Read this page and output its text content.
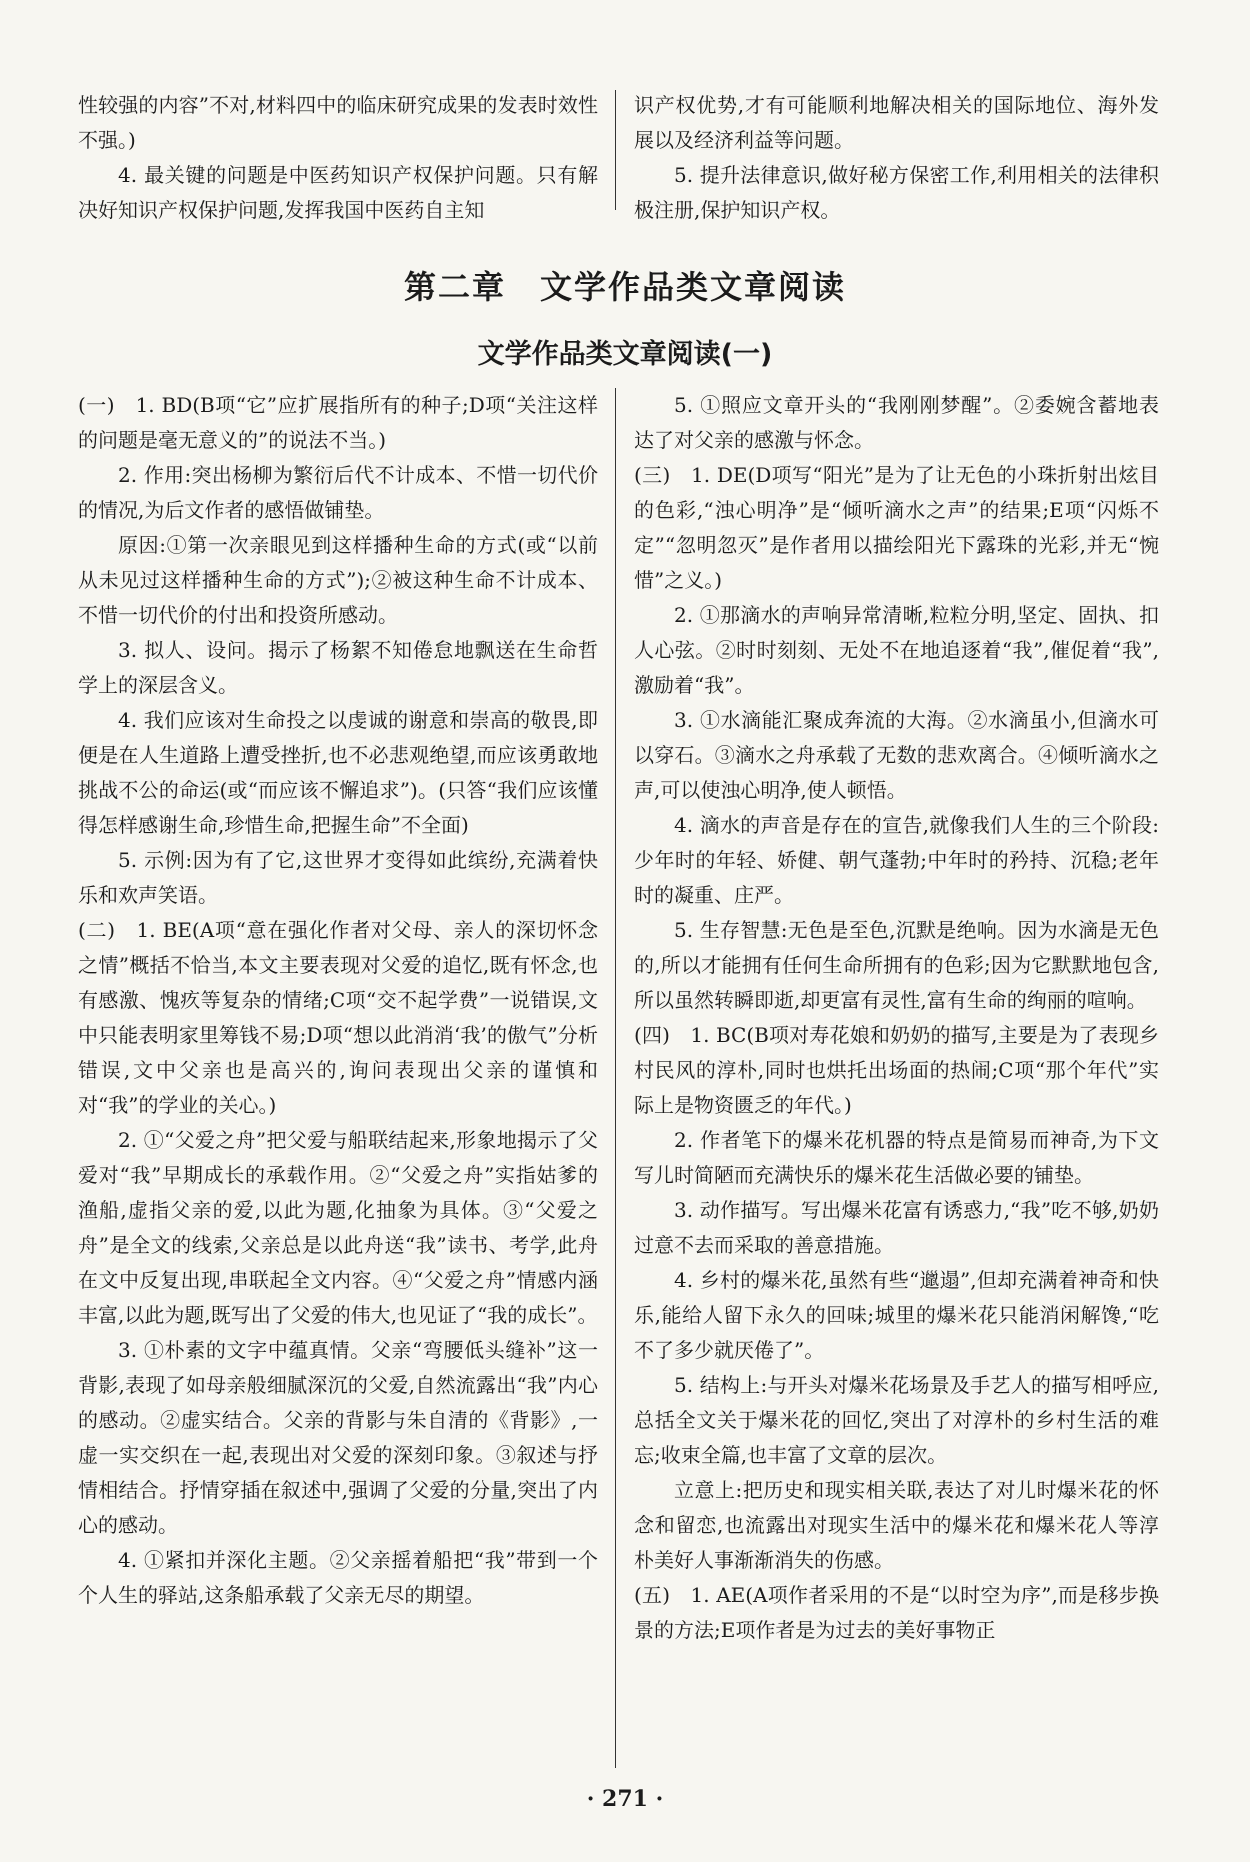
性较强的内容”不对,材料四中的临床研究成果的发表时效性不强。)

4. 最关键的问题是中医药知识产权保护问题。只有解决好知识产权保护问题,发挥我国中医药自主知

识产权优势,才有可能顺利地解决相关的国际地位、海外发展以及经济利益等问题。

5. 提升法律意识,做好秘方保密工作,利用相关的法律积极注册,保护知识产权。

第二章　文学作品类文章阅读
文学作品类文章阅读(一)

(一)　1. BD(B项“它”应扩展指所有的种子;D项“关注这样的问题是毫无意义的”的说法不当。)

2. 作用:突出杨柳为繁衍后代不计成本、不惜一切代价的情况,为后文作者的感悟做铺垫。

原因:①第一次亲眼见到这样播种生命的方式(或“以前从未见过这样播种生命的方式”);②被这种生命不计成本、不惜一切代价的付出和投资所感动。

3. 拟人、设问。揭示了杨絮不知倦怠地飘送在生命哲学上的深层含义。

4. 我们应该对生命投之以虔诚的谢意和崇高的敬畏,即便是在人生道路上遭受挫折,也不必悲观绝望,而应该勇敢地挑战不公的命运(或“而应该不懈追求”)。(只答“我们应该懂得怎样感谢生命,珍惜生命,把握生命”不全面)

5. 示例:因为有了它,这世界才变得如此缤纷,充满着快乐和欢声笑语。

(二)　1. BE(A项“意在强化作者对父母、亲人的深切怀念之情”概括不恰当,本文主要表现对父爱的追忆,既有怀念,也有感激、愧疚等复杂的情绪;C项“交不起学费”一说错误,文中只能表明家里筹钱不易;D项“想以此消消‘我’的傲气”分析错误,文中父亲也是高兴的,询问表现出父亲的谨慎和对“我”的学业的关心。)

2. ①“父爱之舟”把父爱与船联结起来,形象地揭示了父爱对“我”早期成长的承载作用。②“父爱之舟”实指姑爹的渔船,虚指父亲的爱,以此为题,化抽象为具体。③“父爱之舟”是全文的线索,父亲总是以此舟送“我”读书、考学,此舟在文中反复出现,串联起全文内容。④“父爱之舟”情感内涵丰富,以此为题,既写出了父爱的伟大,也见证了“我的成长”。

3. ①朴素的文字中蕴真情。父亲“弯腰低头缝补”这一背影,表现了如母亲般细腻深沉的父爱,自然流露出“我”内心的感动。②虚实结合。父亲的背影与朱自清的《背影》,一虚一实交织在一起,表现出对父爱的深刻印象。③叙述与抒情相结合。抒情穿插在叙述中,强调了父爱的分量,突出了内心的感动。

4. ①紧扣并深化主题。②父亲摇着船把“我”带到一个个人生的驿站,这条船承载了父亲无尽的期望。

5. ①照应文章开头的“我刚刚梦醒”。②委婉含蓄地表达了对父亲的感激与怀念。

(三)　1. DE(D项写“阳光”是为了让无色的小珠折射出炫目的色彩,“浊心明净”是“倾听滴水之声”的结果;E项“闪烁不定”“忽明忽灭”是作者用以描绘阳光下露珠的光彩,并无“惋惜”之义。)

2. ①那滴水的声响异常清晰,粒粒分明,坚定、固执、扣人心弦。②时时刻刻、无处不在地追逐着“我”,催促着“我”,激励着“我”。

3. ①水滴能汇聚成奔流的大海。②水滴虽小,但滴水可以穿石。③滴水之舟承载了无数的悲欢离合。④倾听滴水之声,可以使浊心明净,使人顿悟。

4. 滴水的声音是存在的宣告,就像我们人生的三个阶段:少年时的年轻、娇健、朝气蓬勃;中年时的矜持、沉稳;老年时的凝重、庄严。

5. 生存智慧:无色是至色,沉默是绝响。因为水滴是无色的,所以才能拥有任何生命所拥有的色彩;因为它默默地包含,所以虽然转瞬即逝,却更富有灵性,富有生命的绚丽的喧响。

(四)　1. BC(B项对寿花娘和奶奶的描写,主要是为了表现乡村民风的淳朴,同时也烘托出场面的热闹;C项“那个年代”实际上是物资匮乏的年代。)

2. 作者笔下的爆米花机器的特点是简易而神奇,为下文写儿时简陋而充满快乐的爆米花生活做必要的铺垫。

3. 动作描写。写出爆米花富有诱惑力,“我”吃不够,奶奶过意不去而采取的善意措施。

4. 乡村的爆米花,虽然有些“邋遢”,但却充满着神奇和快乐,能给人留下永久的回味;城里的爆米花只能消闲解馋,“吃不了多少就厌倦了”。

5. 结构上:与开头对爆米花场景及手艺人的描写相呼应,总括全文关于爆米花的回忆,突出了对淳朴的乡村生活的难忘;收束全篇,也丰富了文章的层次。

立意上:把历史和现实相关联,表达了对儿时爆米花的怀念和留恋,也流露出对现实生活中的爆米花和爆米花人等淳朴美好人事渐渐消失的伤感。

(五)　1. AE(A项作者采用的不是“以时空为序”,而是移步换景的方法;E项作者是为过去的美好事物正

· 271 ·
